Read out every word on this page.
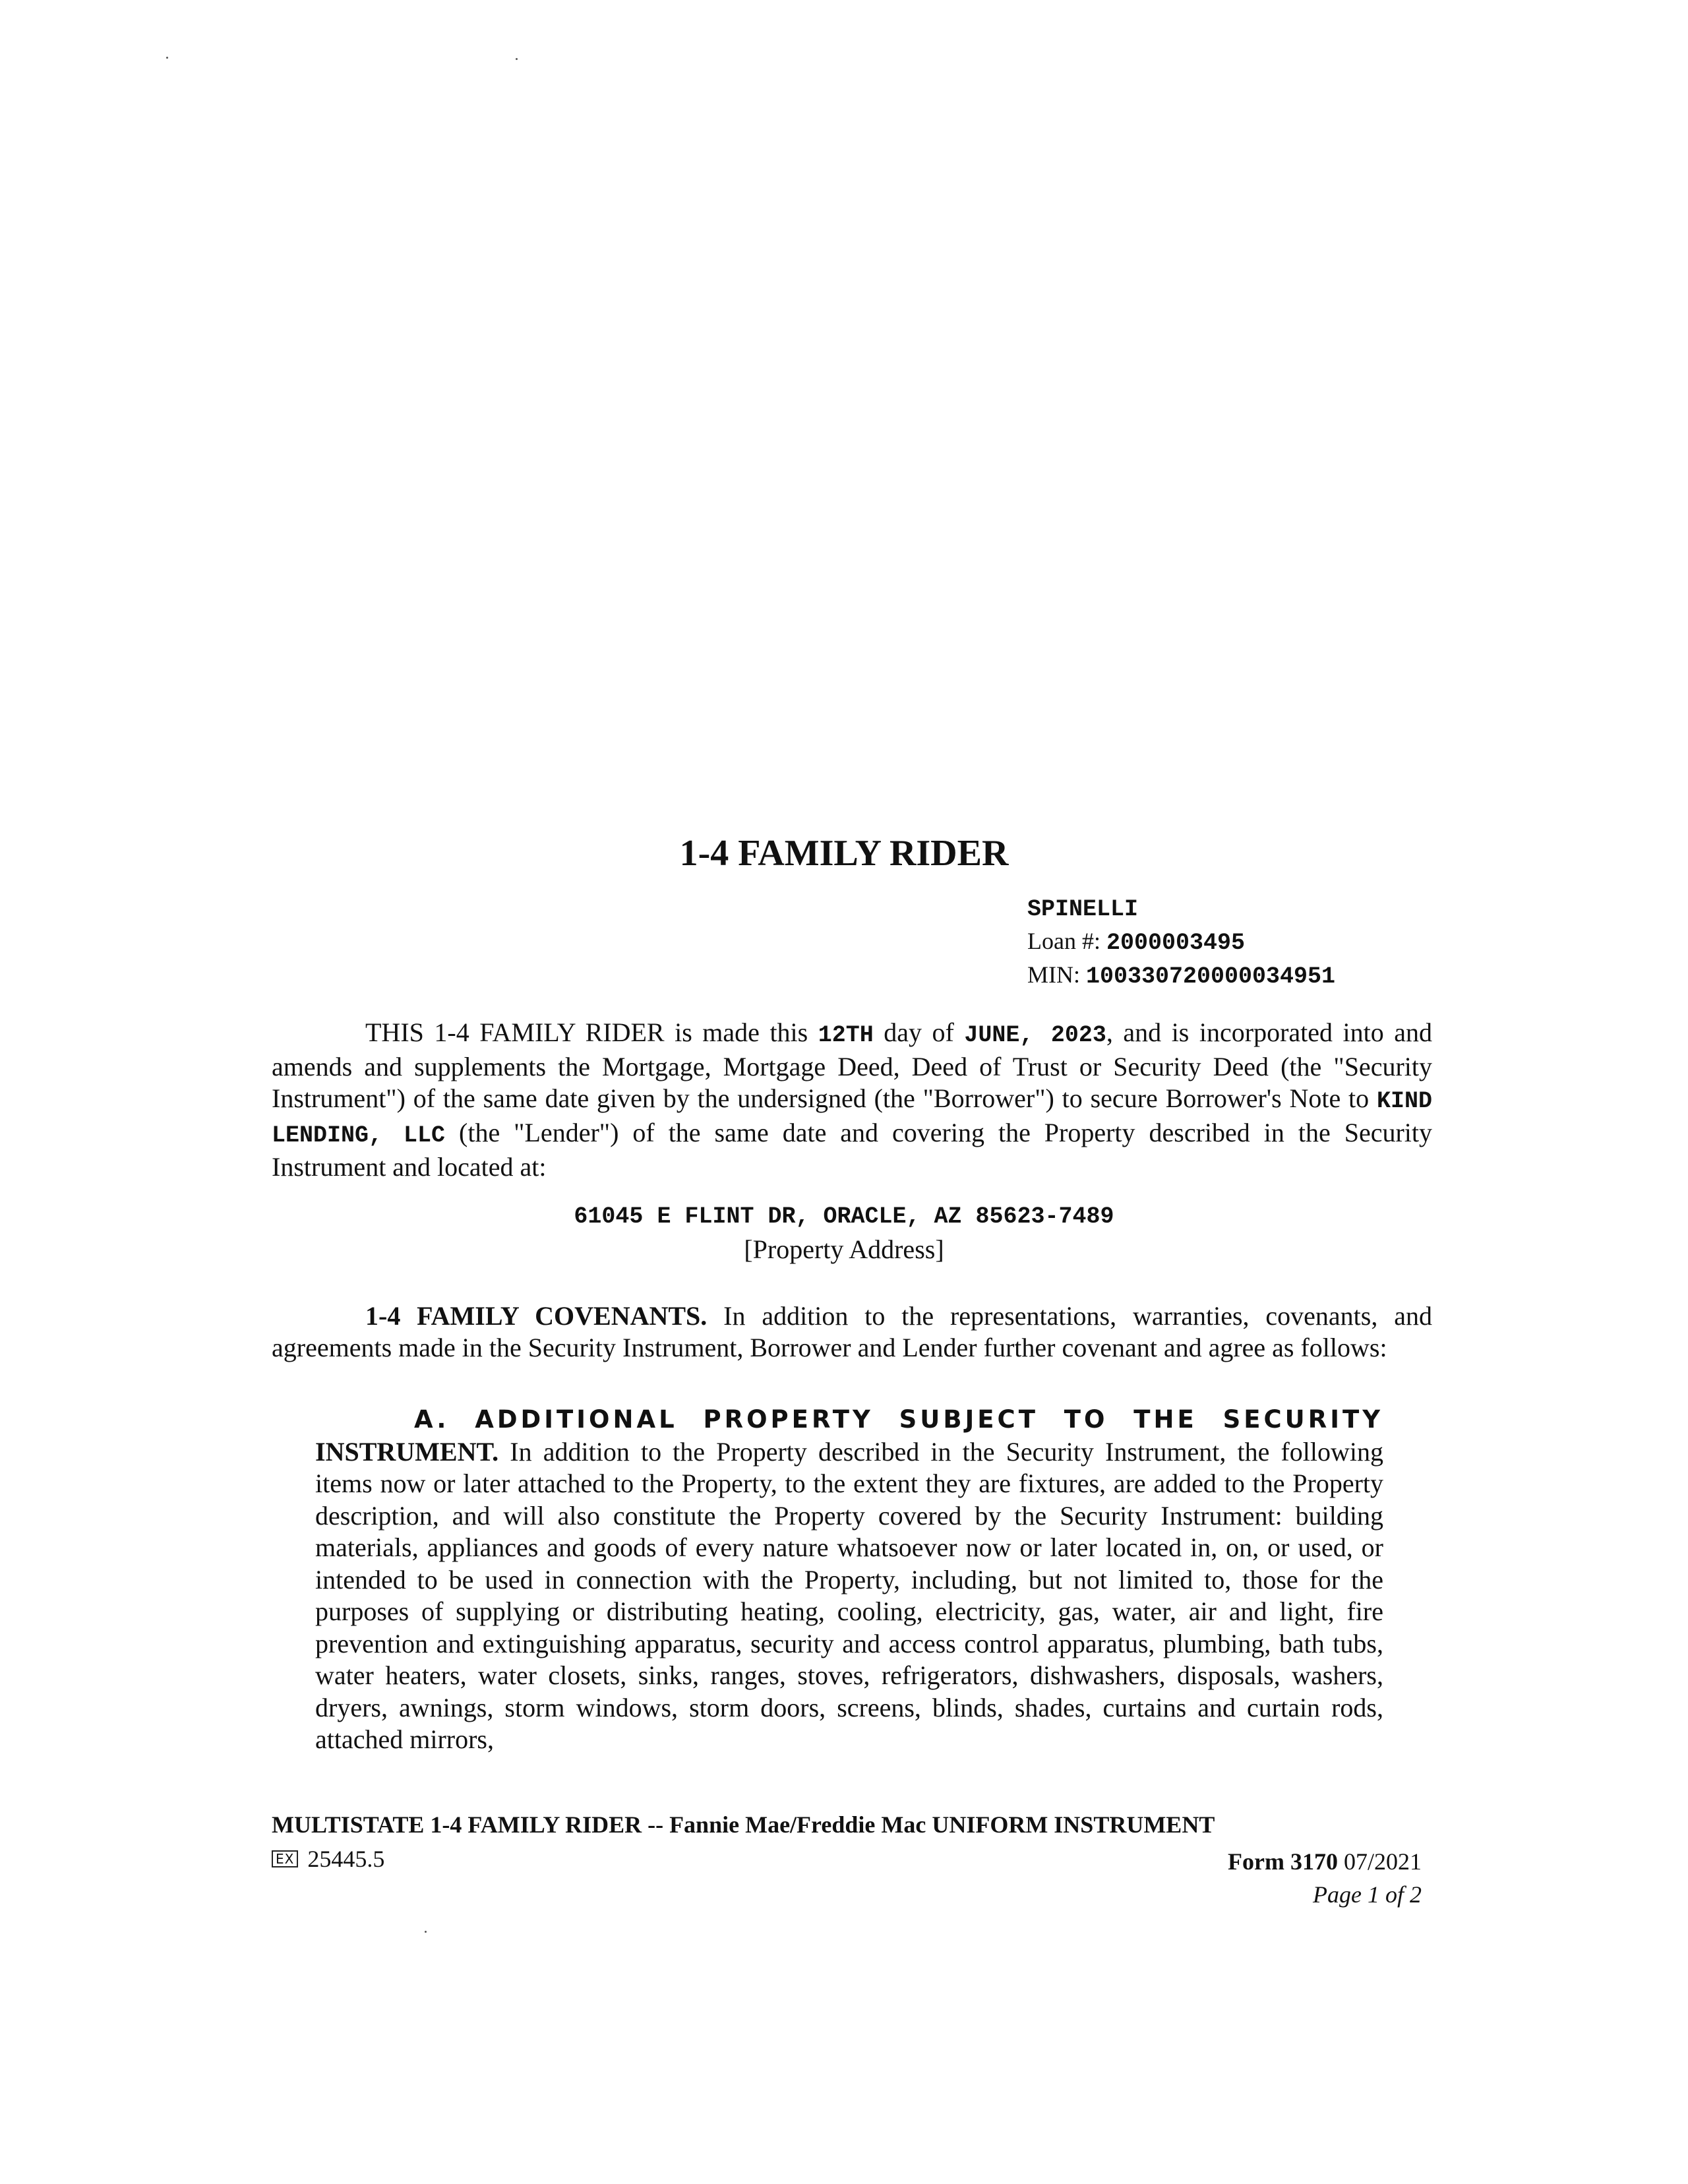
1-4 FAMILY RIDER
SPINELLI
Loan #: 2000003495
MIN: 100330720000034951
THIS 1-4 FAMILY RIDER is made this 12TH day of JUNE, 2023, and is incorporated into and amends and supplements the Mortgage, Mortgage Deed, Deed of Trust or Security Deed (the "Security Instrument") of the same date given by the undersigned (the "Borrower") to secure Borrower's Note to KIND LENDING, LLC (the "Lender") of the same date and covering the Property described in the Security Instrument and located at:
61045 E FLINT DR, ORACLE, AZ 85623-7489
[Property Address]
1-4 FAMILY COVENANTS. In addition to the representations, warranties, covenants, and agreements made in the Security Instrument, Borrower and Lender further covenant and agree as follows:
A. ADDITIONAL PROPERTY SUBJECT TO THE SECURITY INSTRUMENT. In addition to the Property described in the Security Instrument, the following items now or later attached to the Property, to the extent they are fixtures, are added to the Property description, and will also constitute the Property covered by the Security Instrument: building materials, appliances and goods of every nature whatsoever now or later located in, on, or used, or intended to be used in connection with the Property, including, but not limited to, those for the purposes of supplying or distributing heating, cooling, electricity, gas, water, air and light, fire prevention and extinguishing apparatus, security and access control apparatus, plumbing, bath tubs, water heaters, water closets, sinks, ranges, stoves, refrigerators, dishwashers, disposals, washers, dryers, awnings, storm windows, storm doors, screens, blinds, shades, curtains and curtain rods, attached mirrors,
MULTISTATE 1-4 FAMILY RIDER -- Fannie Mae/Freddie Mac UNIFORM INSTRUMENT
EX 25445.5	Form 3170 07/2021
Page 1 of 2
